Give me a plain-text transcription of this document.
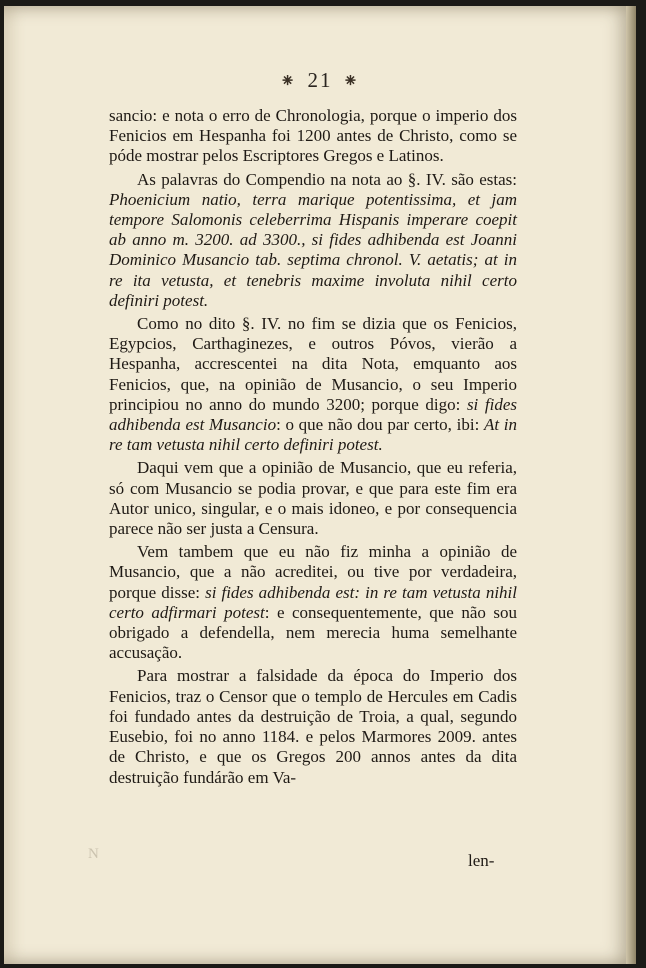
⁕ 21 ⁕

sancio: e nota o erro de Chronologia, porque o imperio dos Fenicios em Hespanha foi 1200 antes de Christo, como se póde mostrar pelos Escriptores Gregos e Latinos.

As palavras do Compendio na nota ao §. IV. são estas: Phoenicium natio, terra marique potentissima, et jam tempore Salomonis celeberrima Hispanis imperare coepit ab anno m. 3200. ad 3300., si fides adhibenda est Joanni Dominico Musancio tab. septima chronol. V. aetatis; at in re ita vetusta, et tenebris maxime involuta nihil certo definiri potest.

Como no dito §. IV. no fim se dizia que os Fenicios, Egypcios, Carthaginezes, e outros Póvos, vierão a Hespanha, accrescentei na dita Nota, emquanto aos Fenicios, que, na opinião de Musancio, o seu Imperio principiou no anno do mundo 3200; porque digo: si fides adhibenda est Musancio: o que não dou par certo, ibi: At in re tam vetusta nihil certo definiri potest.

Daqui vem que a opinião de Musancio, que eu referia, só com Musancio se podia provar, e que para este fim era Autor unico, singular, e o mais idoneo, e por consequencia parece não ser justa a Censura.

Vem tambem que eu não fiz minha a opinião de Musancio, que a não acreditei, ou tive por verdadeira, porque disse: si fides adhibenda est: in re tam vetusta nihil certo adfirmari potest: e consequentemente, que não sou obrigado a defendella, nem merecia huma semelhante accusação.

Para mostrar a falsidade da época do Imperio dos Fenicios, traz o Censor que o templo de Hercules em Cadis foi fundado antes da destruição de Troia, a qual, segundo Eusebio, foi no anno 1184. e pelos Marmores 2009. antes de Christo, e que os Gregos 200 annos antes da dita destruição fundárão em Va-

N	len-
